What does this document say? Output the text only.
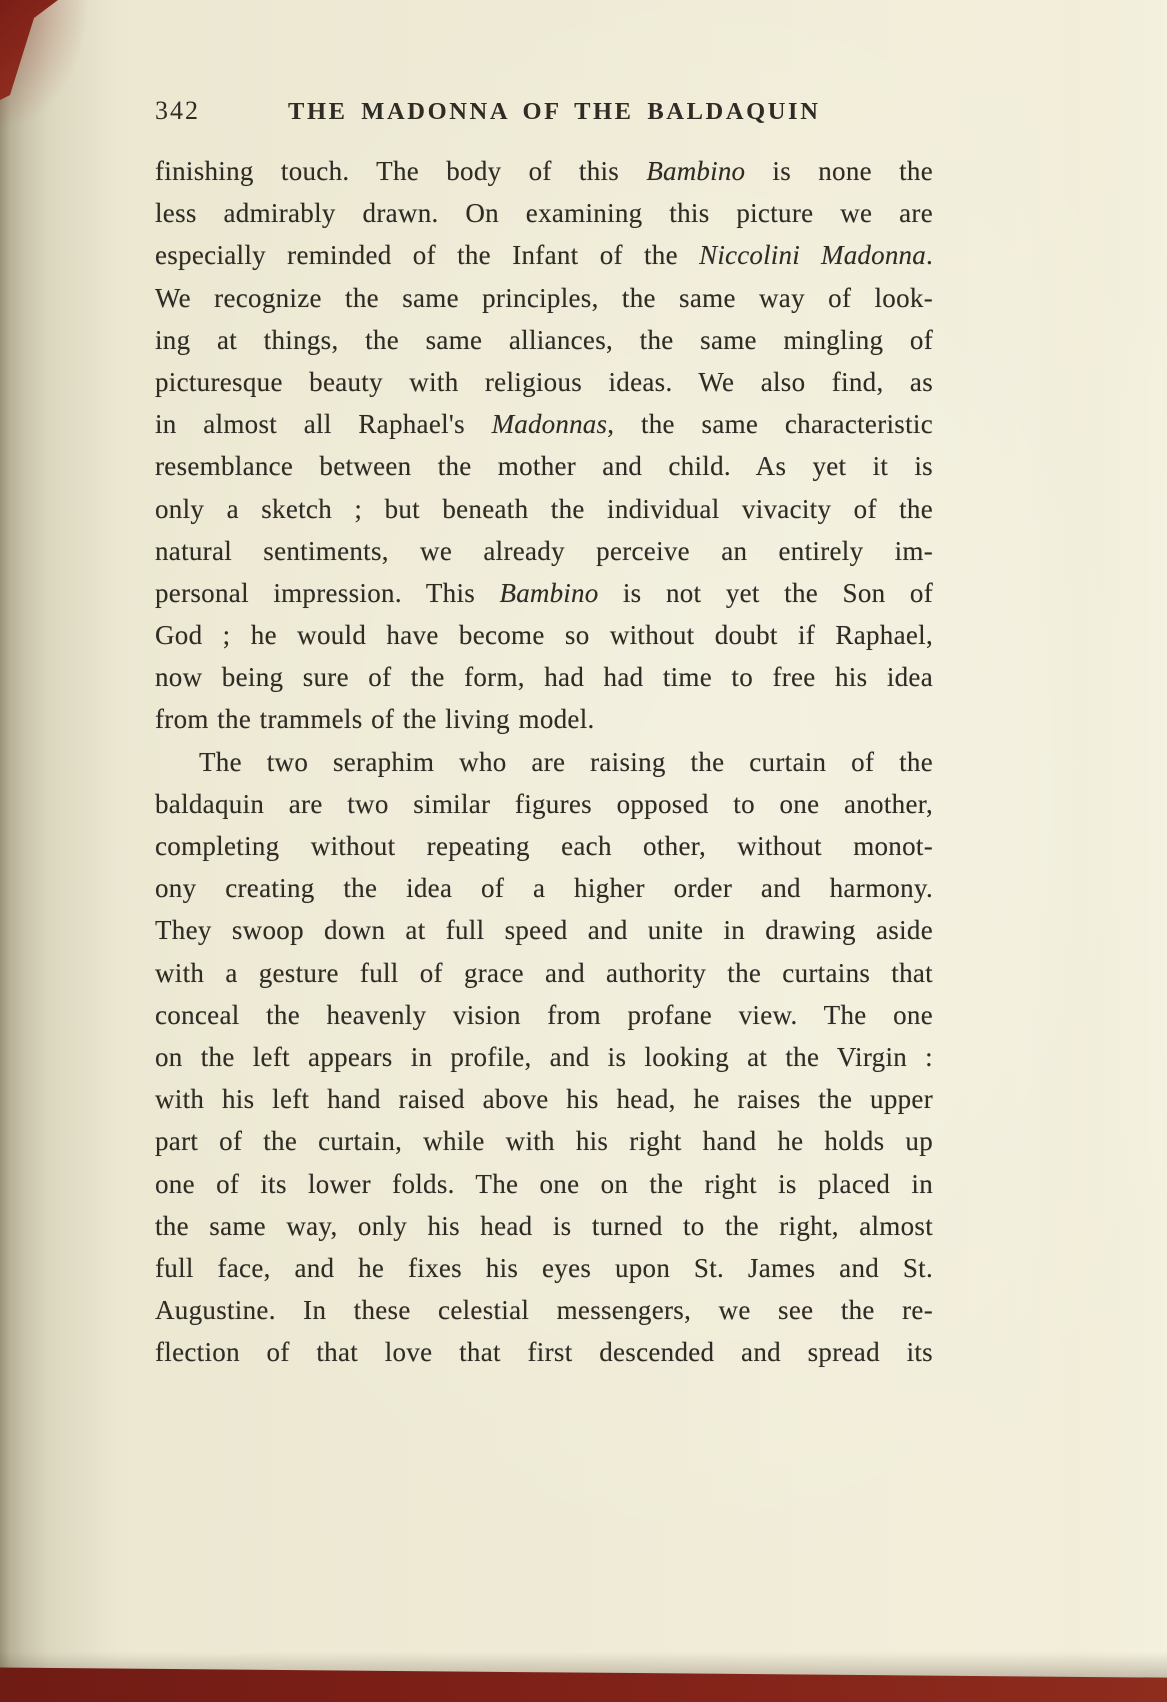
342	THE MADONNA OF THE BALDAQUIN
finishing touch. The body of this Bambino is none the
less admirably drawn. On examining this picture we are
especially reminded of the Infant of the Niccolini Madonna.
We recognize the same principles, the same way of look-
ing at things, the same alliances, the same mingling of
picturesque beauty with religious ideas. We also find, as
in almost all Raphael's Madonnas, the same characteristic
resemblance between the mother and child. As yet it is
only a sketch ; but beneath the individual vivacity of the
natural sentiments, we already perceive an entirely im-
personal impression. This Bambino is not yet the Son of
God ; he would have become so without doubt if Raphael,
now being sure of the form, had had time to free his idea
from the trammels of the living model.
The two seraphim who are raising the curtain of the
baldaquin are two similar figures opposed to one another,
completing without repeating each other, without monot-
ony creating the idea of a higher order and harmony.
They swoop down at full speed and unite in drawing aside
with a gesture full of grace and authority the curtains that
conceal the heavenly vision from profane view. The one
on the left appears in profile, and is looking at the Virgin :
with his left hand raised above his head, he raises the upper
part of the curtain, while with his right hand he holds up
one of its lower folds. The one on the right is placed in
the same way, only his head is turned to the right, almost
full face, and he fixes his eyes upon St. James and St.
Augustine. In these celestial messengers, we see the re-
flection of that love that first descended and spread its
